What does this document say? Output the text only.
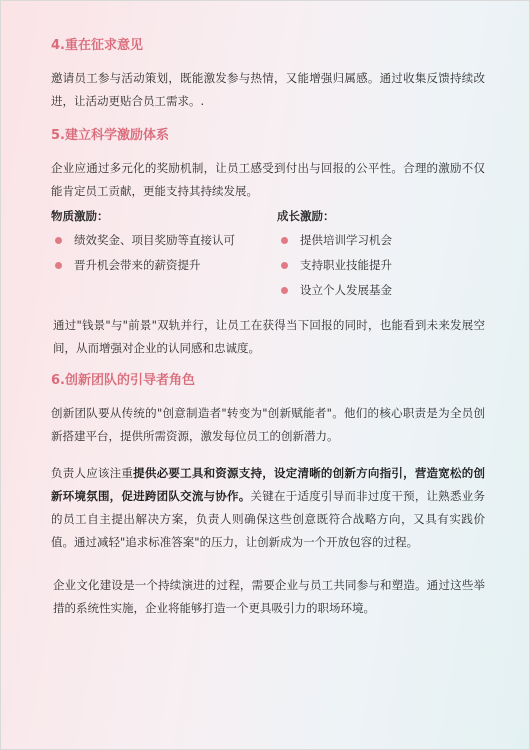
4.重在征求意见

邀请员工参与活动策划，既能激发参与热情，又能增强归属感。通过收集反馈持续改进，让活动更贴合员工需求。.

5.建立科学激励体系

企业应通过多元化的奖励机制，让员工感受到付出与回报的公平性。合理的激励不仅能肯定员工贡献，更能支持其持续发展。

物质激励：
绩效奖金、项目奖励等直接认可
晋升机会带来的薪资提升
成长激励：
提供培训学习机会
支持职业技能提升
设立个人发展基金

通过"钱景"与"前景"双轨并行，让员工在获得当下回报的同时，也能看到未来发展空间，从而增强对企业的认同感和忠诚度。

6.创新团队的引导者角色

创新团队要从传统的"创意制造者"转变为"创新赋能者"。他们的核心职责是为全员创新搭建平台，提供所需资源，激发每位员工的创新潜力。

负责人应该注重提供必要工具和资源支持，设定清晰的创新方向指引，营造宽松的创新环境氛围，促进跨团队交流与协作。关键在于适度引导而非过度干预，让熟悉业务的员工自主提出解决方案，负责人则确保这些创意既符合战略方向，又具有实践价值。通过减轻"追求标准答案"的压力，让创新成为一个开放包容的过程。

企业文化建设是一个持续演进的过程，需要企业与员工共同参与和塑造。通过这些举措的系统性实施，企业将能够打造一个更具吸引力的职场环境。
